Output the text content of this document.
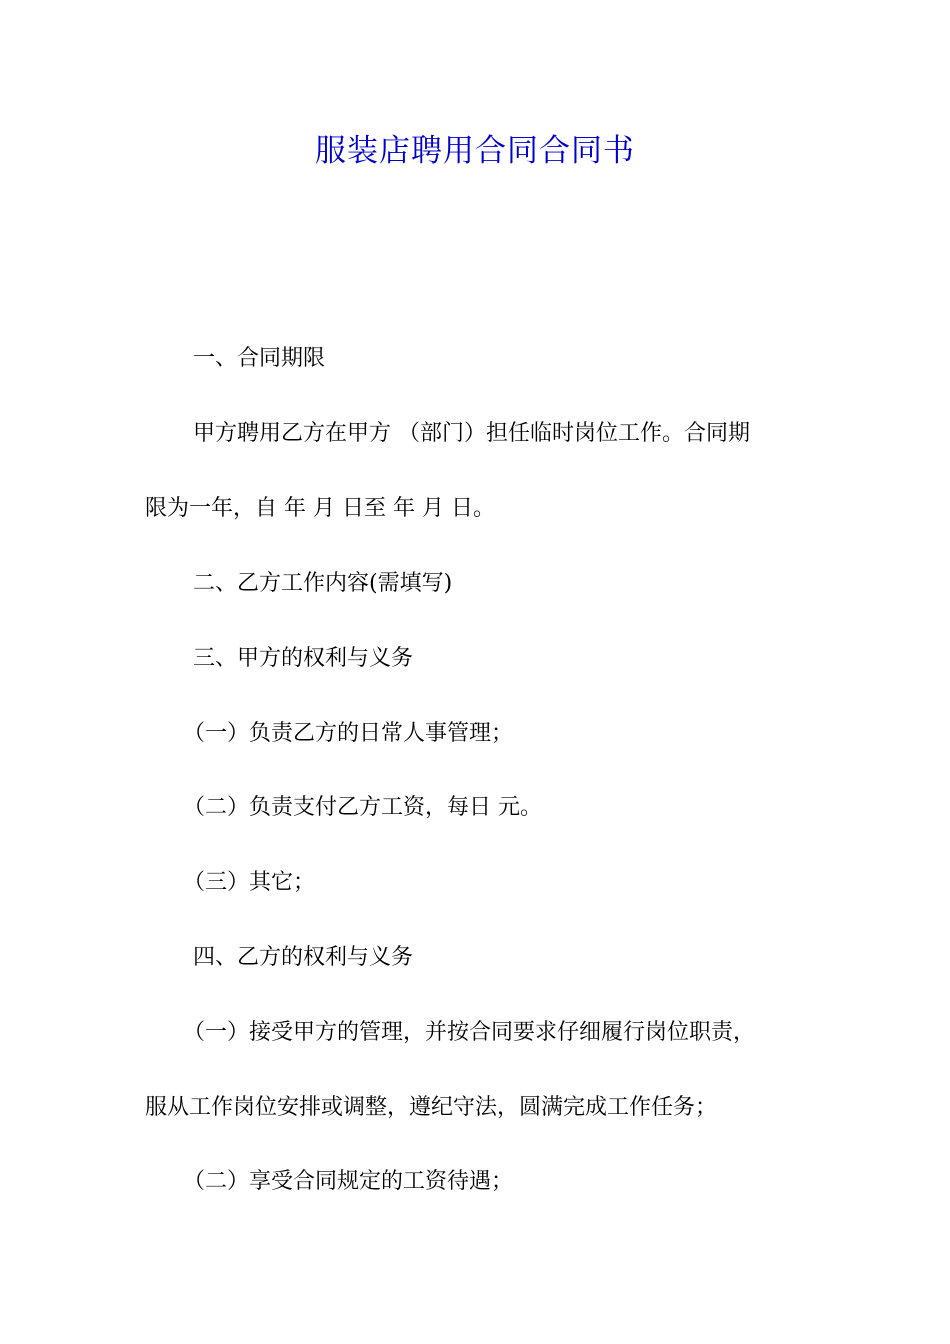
服装店聘用合同合同书

一、合同期限

甲方聘用乙方在甲方 （部门）担任临时岗位工作。合同期

限为一年，自 年 月 日至 年 月 日。

二、乙方工作内容(需填写)

三、甲方的权利与义务

（一）负责乙方的日常人事管理；

（二）负责支付乙方工资，每日 元。

（三）其它；

四、乙方的权利与义务

（一）接受甲方的管理，并按合同要求仔细履行岗位职责，

服从工作岗位安排或调整，遵纪守法，圆满完成工作任务；

（二）享受合同规定的工资待遇；
